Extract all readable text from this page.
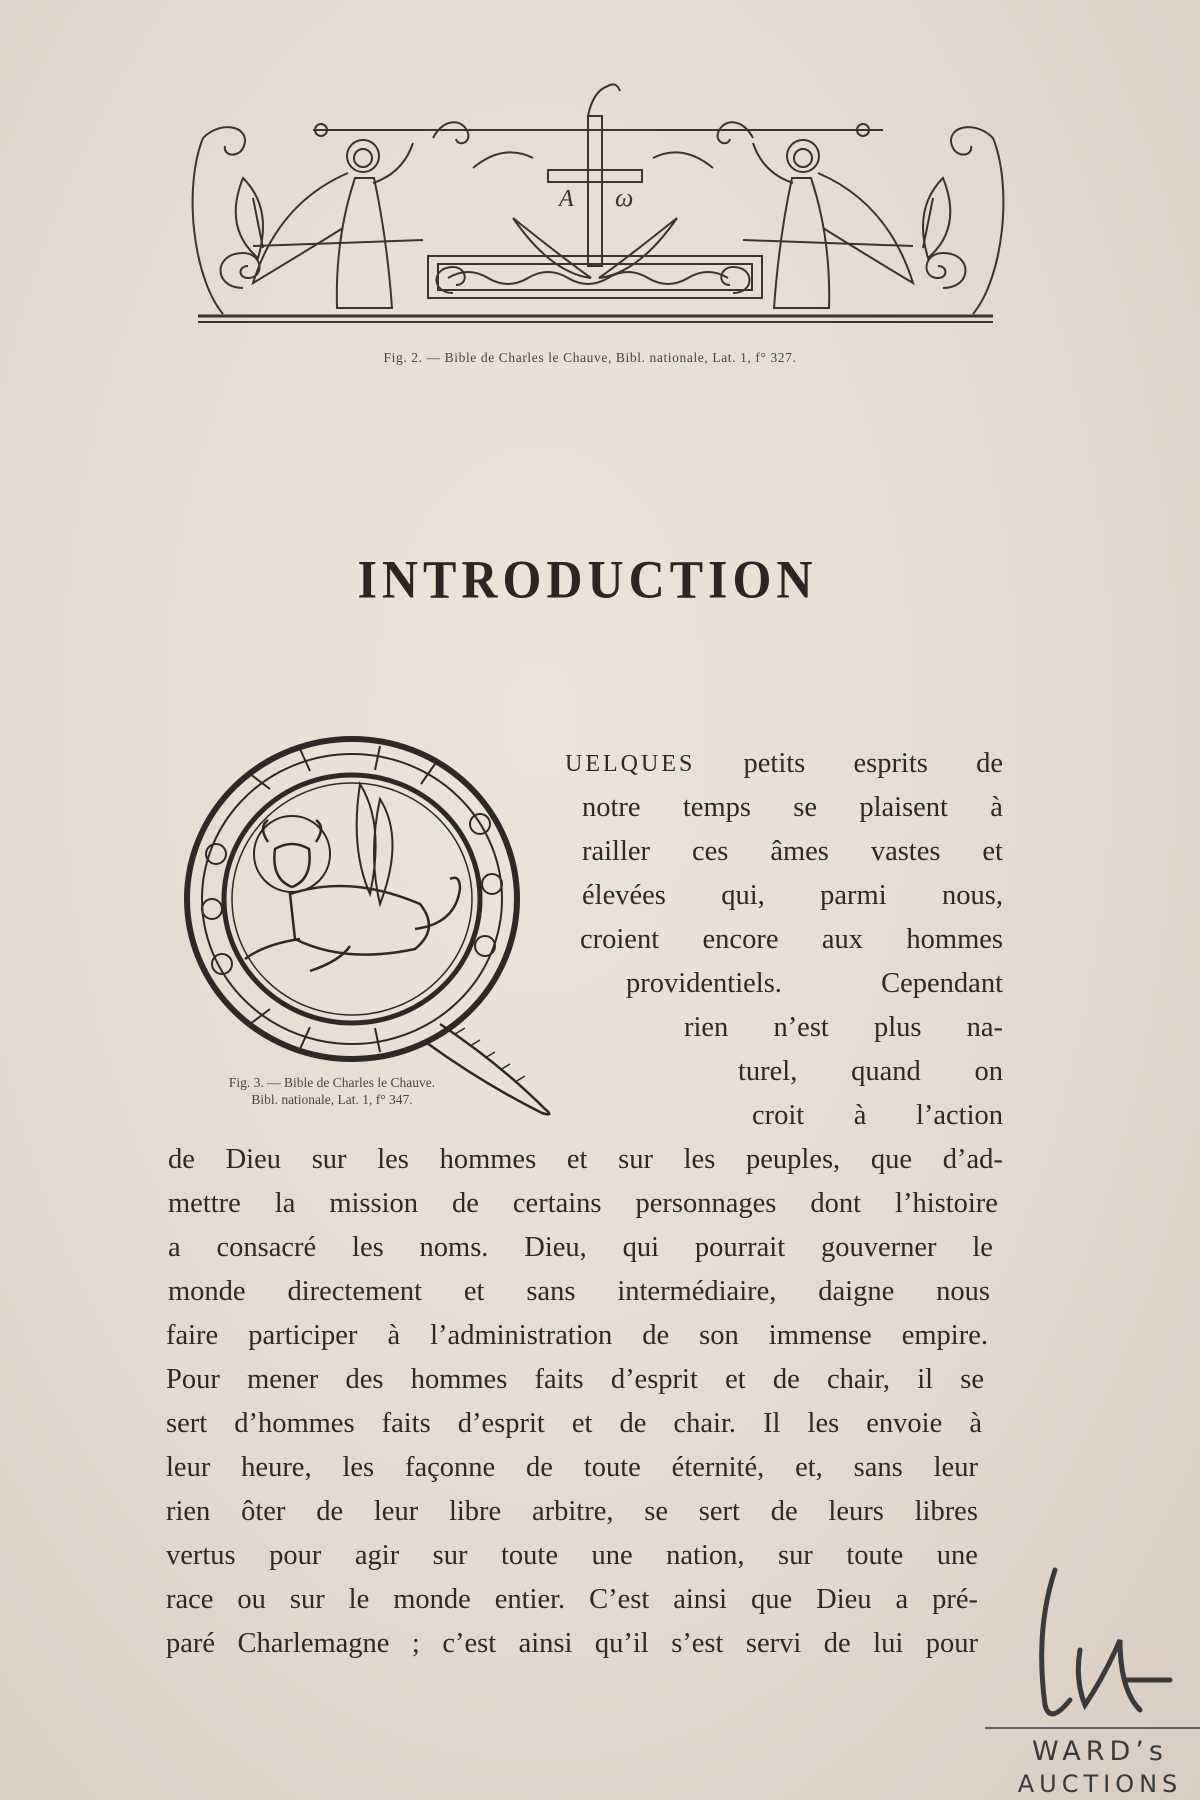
A ω
Fig. 2. — Bible de Charles le Chauve, Bibl. nationale, Lat. 1, f° 327.
INTRODUCTION
Fig. 3. — Bible de Charles le Chauve.
Bibl. nationale, Lat. 1, f° 347.
UELQUES petits esprits de
notre temps se plaisent à
railler ces âmes vastes et
élevées qui, parmi nous,
croient encore aux hommes
providentiels.	Cependant
rien n’est plus na-
turel, quand on
croit à l’action
de Dieu sur les hommes et sur les peuples, que d’ad-
mettre la mission de certains personnages dont l’histoire
a consacré les noms. Dieu, qui pourrait gouverner le
monde directement et sans intermédiaire, daigne nous
faire participer à l’administration de son immense empire.
Pour mener des hommes faits d’esprit et de chair, il se
sert d’hommes faits d’esprit et de chair. Il les envoie à
leur heure, les façonne de toute éternité, et, sans leur
rien ôter de leur libre arbitre, se sert de leurs libres
vertus pour agir sur toute une nation, sur toute une
race ou sur le monde entier. C’est ainsi que Dieu a pré-
paré Charlemagne ; c’est ainsi qu’il s’est servi de lui pour
WARD’s
AUCTIONS
